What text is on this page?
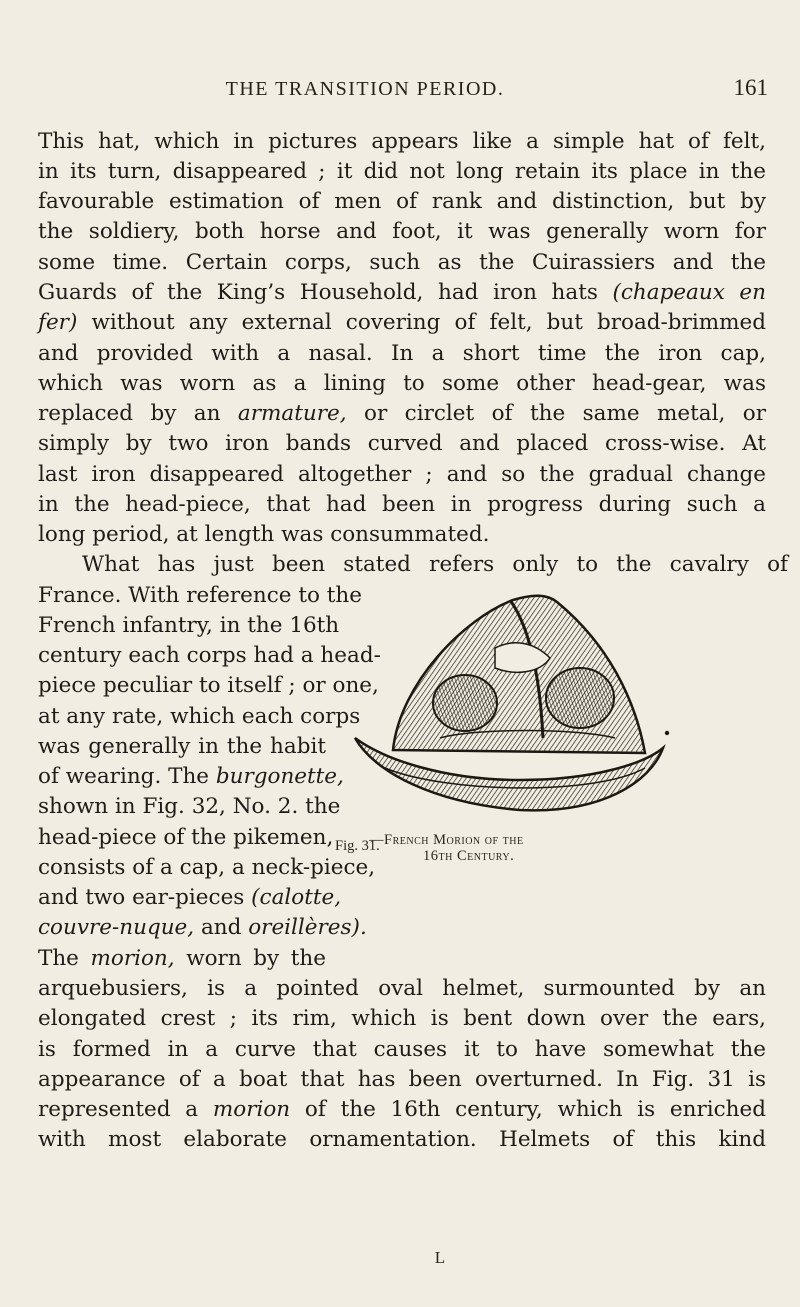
THE TRANSITION PERIOD.	161
This hat, which in pictures appears like a simple hat of felt,
in its turn, disappeared ; it did not long retain its place in the
favourable estimation of men of rank and distinction, but by
the soldiery, both horse and foot, it was generally worn for
some time. Certain corps, such as the Cuirassiers and the
Guards of the King’s Household, had iron hats (chapeaux en
fer) without any external covering of felt, but broad-brimmed
and provided with a nasal. In a short time the iron cap,
which was worn as a lining to some other head-gear, was
replaced by an armature, or circlet of the same metal, or
simply by two iron bands curved and placed cross-wise. At
last iron disappeared altogether ; and so the gradual change
in the head-piece, that had been in progress during such a
long period, at length was consummated.
What has just been stated refers only to the cavalry of
France. With reference to the
French infantry, in the 16th
century each corps had a head-
piece peculiar to itself ; or one,
at any rate, which each corps
was generally in the habit
of wearing. The burgonette,
shown in Fig. 32, No. 2. the
head-piece of the pikemen,
consists of a cap, a neck-piece,
and two ear-pieces (calotte,
couvre-nuque, and oreillères).
The morion, worn by the
arquebusiers, is a pointed oval helmet, surmounted by an
elongated crest ; its rim, which is bent down over the ears,
is formed in a curve that causes it to have somewhat the
appearance of a boat that has been overturned. In Fig. 31 is
represented a morion of the 16th century, which is enriched
with most elaborate ornamentation. Helmets of this kind
Fig. 31.
—French Morion of the
16th Century.
L
